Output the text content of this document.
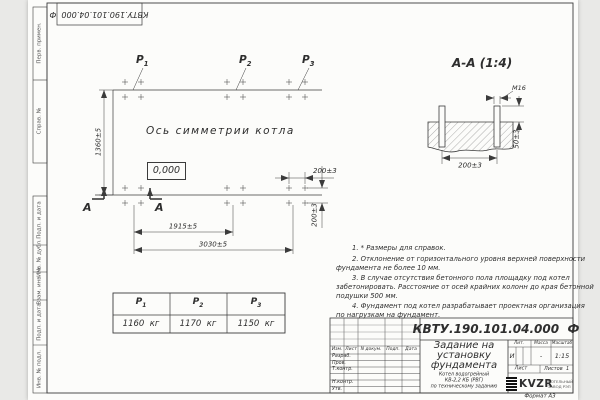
КВТУ.190.101.04.000  Ф
Перв. примен.
Справ. №
Подп. и дата
Инв. № дубл.
Взам. инв. №
Подп. и дата
Инв. № подл.
$Р_1$	$Р_2$	$Р_3$
Ось симметрии котла
0,000
1360±5
1915±5
3030±5
200±3
200±3
А	А
А-А (1:4)
М16
200±3
50±3
1. * Размеры для справок.
2. Отклонение от горизонтального уровня верхней поверхности
фундамента не более 10 мм.
3. В случае отсутствия бетонного пола площадку под котел
забетонировать. Расстояние от осей крайних колонн до края бетонной
подушки 500 мм.
4. Фундамент под котел разрабатывает проектная организация
по нагрузкам на фундамент.
$Р_1$	$Р_2$	$Р_3$
1160  кг 1170  кг	1150  кг	КВТУ.190.101.04.000  Ф
Задание на
установку
фундамента
Котел водогрейный
КВ-2,2 КБ (РВГ)
по техническому заданию
Изм. Лист N докум. Подп. Дата
Разраб.
Пров.
Т.контр.
Н.контр.
Утв.
Лит. Масса Масштаб
И	- 1:15
Лист	Листов 1
KVZR
КОТЕЛЬНЫЙ
ЗАВОД РЭП
Формат А3
